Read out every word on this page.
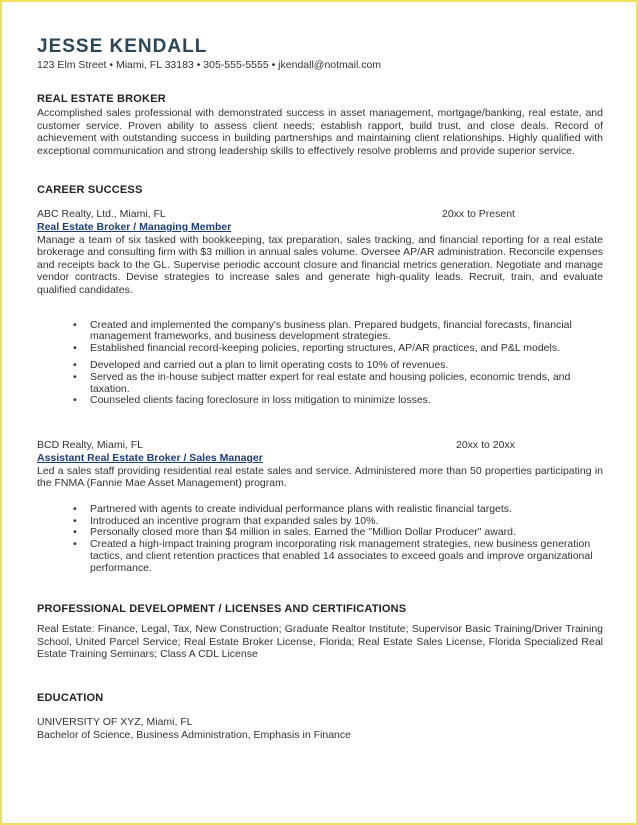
JESSE KENDALL
123 Elm Street • Miami, FL 33183 • 305-555-5555 • jkendall@notmail.com
REAL ESTATE BROKER

Accomplished sales professional with demonstrated success in asset management, mortgage/banking, real estate, and customer service. Proven ability to assess client needs; establish rapport, build trust, and close deals. Record of achievement with outstanding success in building partnerships and maintaining client relationships. Highly qualified with exceptional communication and strong leadership skills to effectively resolve problems and provide superior service.

CAREER SUCCESS
ABC Realty, Ltd., Miami, FL	20xx to Present
Real Estate Broker / Managing Member

Manage a team of six tasked with bookkeeping, tax preparation, sales tracking, and financial reporting for a real estate brokerage and consulting firm with $3 million in annual sales volume. Oversee AP/AR administration. Reconcile expenses and receipts back to the GL. Supervise periodic account closure and financial metrics generation. Negotiate and manage vendor contracts. Devise strategies to increase sales and generate high-quality leads. Recruit, train, and evaluate qualified candidates.

• Created and implemented the company's business plan. Prepared budgets, financial forecasts, financial management frameworks, and business development strategies.
• Established financial record-keeping policies, reporting structures, AP/AR practices, and P&L models.
• Developed and carried out a plan to limit operating costs to 10% of revenues.
• Served as the in-house subject matter expert for real estate and housing policies, economic trends, and taxation.
• Counseled clients facing foreclosure in loss mitigation to minimize losses.
BCD Realty, Miami, FL	20xx to 20xx
Assistant Real Estate Broker / Sales Manager

Led a sales staff providing residential real estate sales and service. Administered more than 50 properties participating in the FNMA (Fannie Mae Asset Management) program.

• Partnered with agents to create individual performance plans with realistic financial targets.
• Introduced an incentive program that expanded sales by 10%.
• Personally closed more than $4 million in sales. Earned the "Million Dollar Producer" award.
• Created a high-impact training program incorporating risk management strategies, new business generation tactics, and client retention practices that enabled 14 associates to exceed goals and improve organizational performance.
PROFESSIONAL DEVELOPMENT / LICENSES AND CERTIFICATIONS

Real Estate: Finance, Legal, Tax, New Construction; Graduate Realtor Institute; Supervisor Basic Training/Driver Training School, United Parcel Service; Real Estate Broker License, Florida; Real Estate Sales License, Florida Specialized Real Estate Training Seminars; Class A CDL License

EDUCATION

UNIVERSITY OF XYZ, Miami, FL

Bachelor of Science, Business Administration, Emphasis in Finance
